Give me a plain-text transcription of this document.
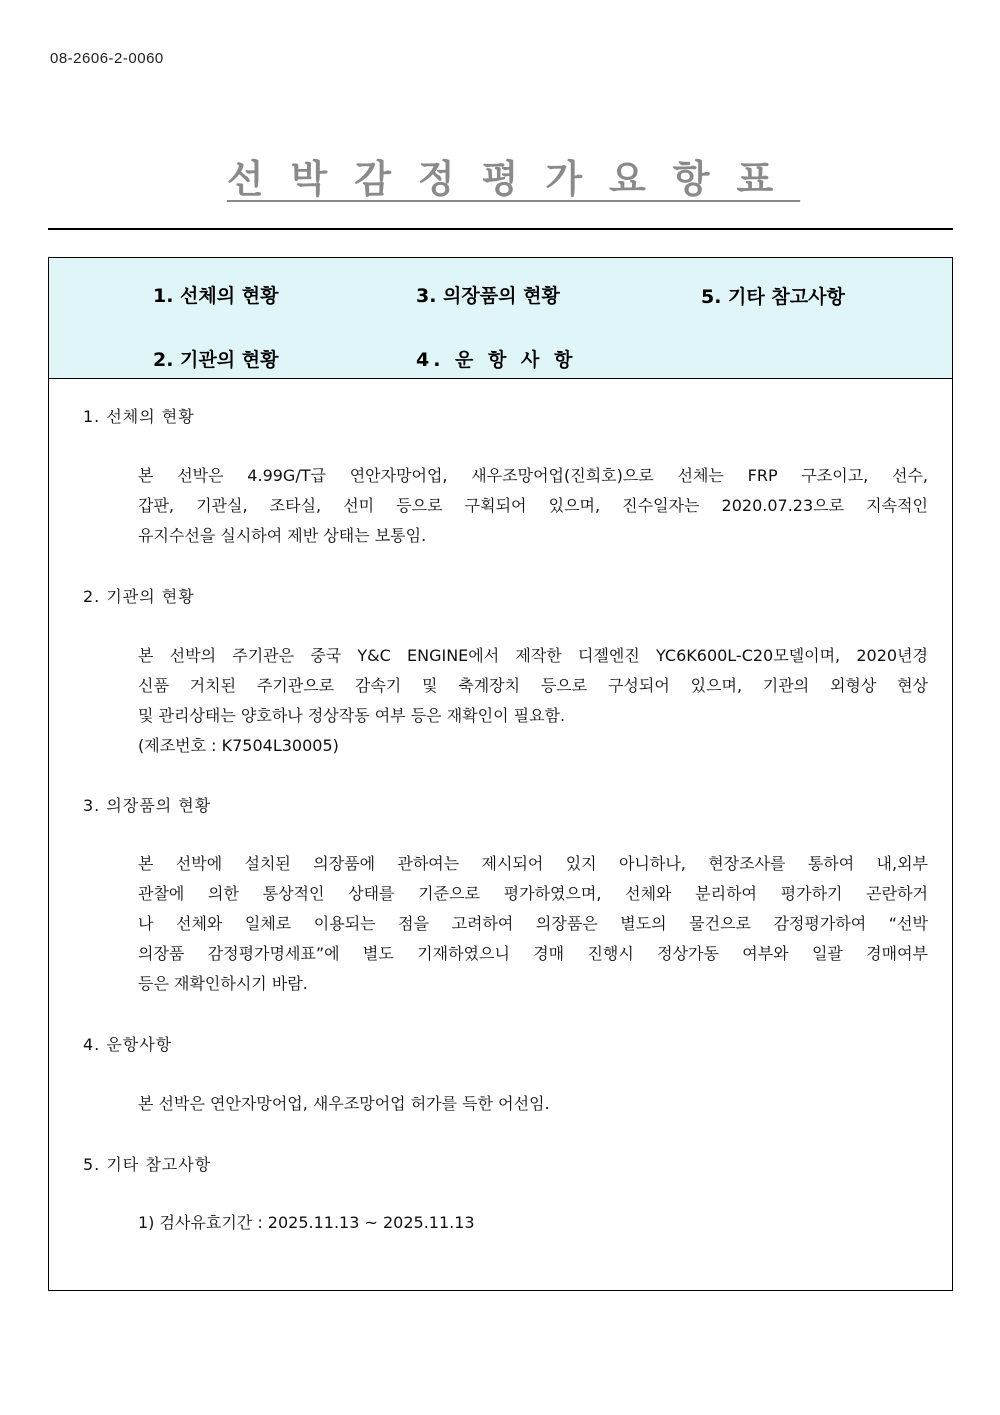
08-2606-2-0060
선박감정평가요항표
1. 선체의 현황	3. 의장품의 현황	5. 기타 참고사항
2. 기관의 현황	4. 운 항 사 항
1. 선체의 현황
본 선박은 4.99G/T급 연안자망어업, 새우조망어업(진희호)으로 선체는 FRP 구조이고, 선수,
갑판, 기관실, 조타실, 선미 등으로 구획되어 있으며, 진수일자는 2020.07.23으로 지속적인
유지수선을 실시하여 제반 상태는 보통임.
2. 기관의 현황
본 선박의 주기관은 중국 Y&C ENGINE에서 제작한 디젤엔진 YC6K600L-C20모델이며, 2020년경
신품 거치된 주기관으로 감속기 및 축계장치 등으로 구성되어 있으며, 기관의 외형상 현상
및 관리상태는 양호하나 정상작동 여부 등은 재확인이 필요함.
(제조번호 : K7504L30005)
3. 의장품의 현황
본 선박에 설치된 의장품에 관하여는 제시되어 있지 아니하나, 현장조사를 통하여 내,외부
관찰에 의한 통상적인 상태를 기준으로 평가하였으며, 선체와 분리하여 평가하기 곤란하거
나 선체와 일체로 이용되는 점을 고려하여 의장품은 별도의 물건으로 감정평가하여 “선박
의장품 감정평가명세표”에 별도 기재하였으니 경매 진행시 정상가동 여부와 일괄 경매여부
등은 재확인하시기 바람.
4. 운항사항
본 선박은 연안자망어업, 새우조망어업 허가를 득한 어선임.
5. 기타 참고사항
1) 검사유효기간 : 2025.11.13 ~ 2025.11.13
